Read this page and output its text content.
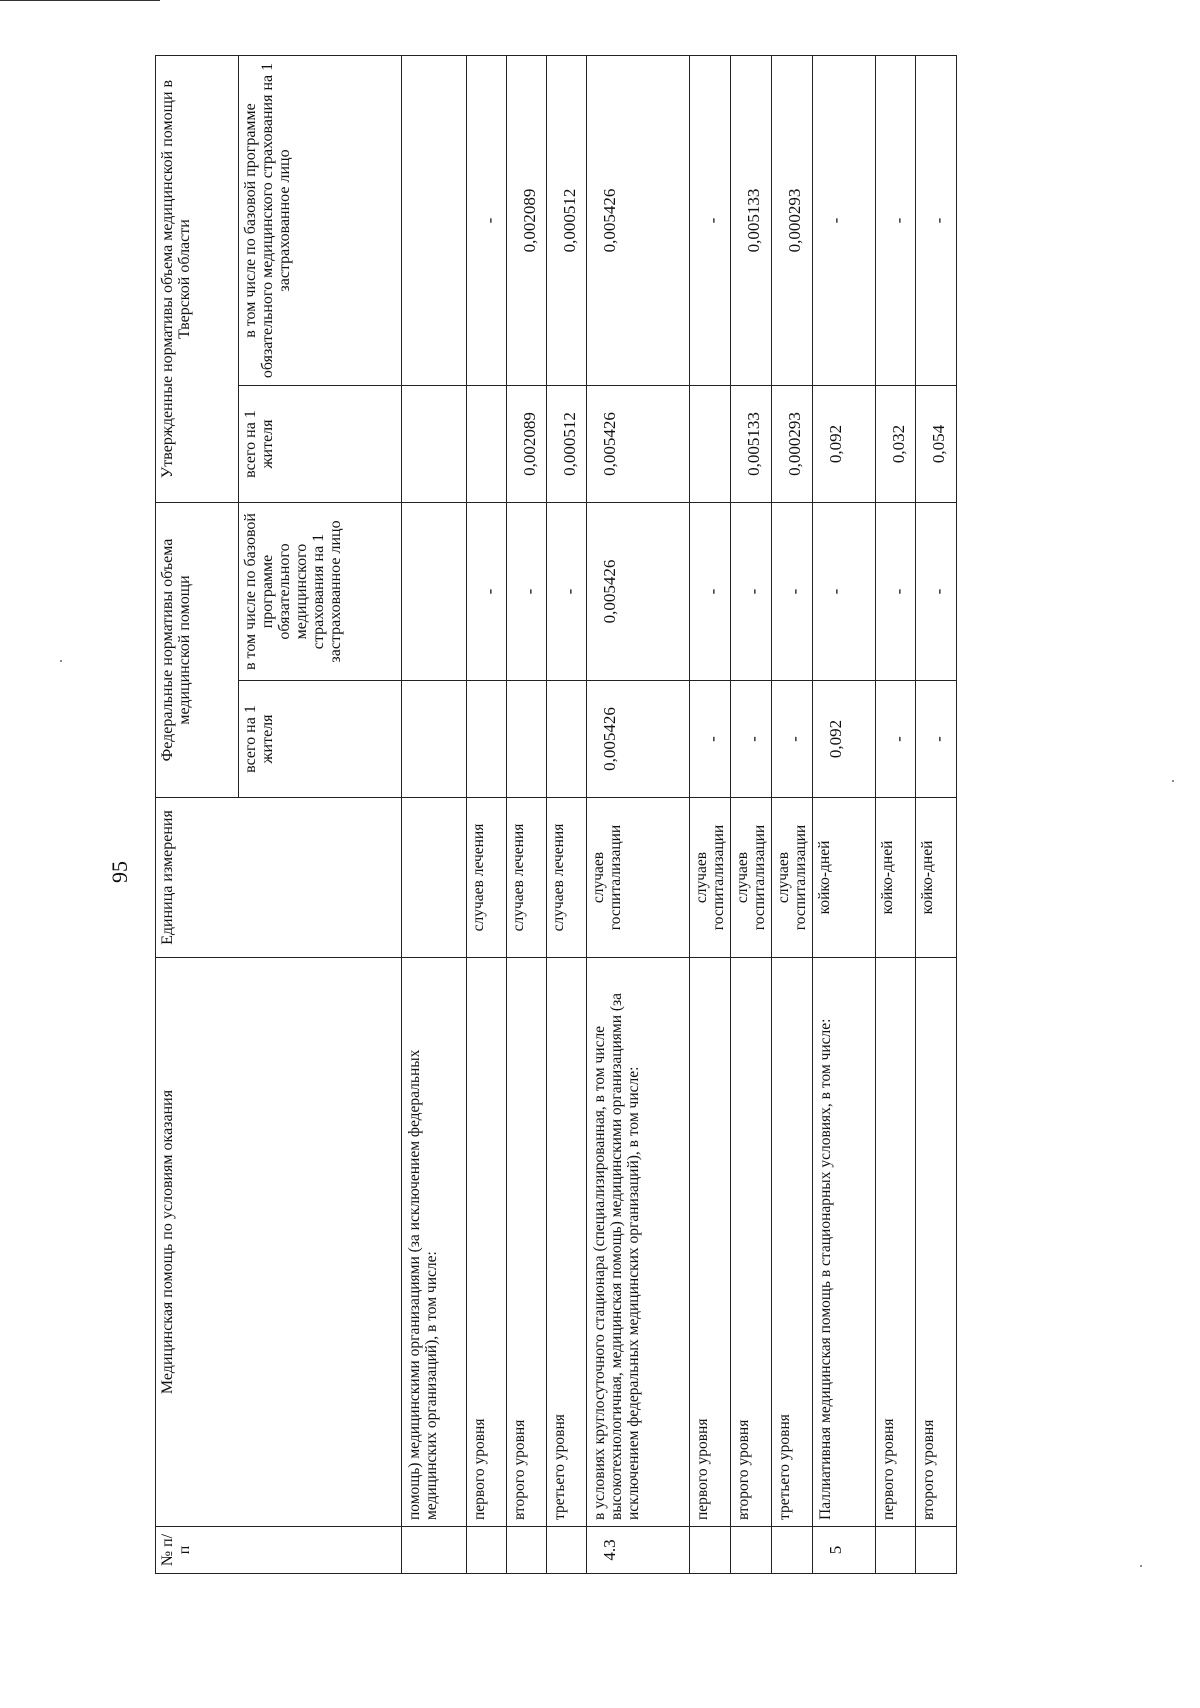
95
№ п/п	Медицинская помощь по условиям оказания	Единица измерения	Федеральные нормативы объема медицинской помощи		Утвержденные нормативы объема медицинской помощи в Тверской области	
			всего на 1 жителя	в том числе по базовой программе обязательного медицинского страхования на 1 застрахованное лицо	всего на 1 жителя	в том числе по базовой программе обязательного медицинского страхования на 1 застрахованное лицо
	помощь) медицинскими организациями (за исключением федеральных медицинских организаций), в том числе:					
	первого уровня	случаев лечения		-		-
	второго уровня	случаев лечения		-	0,002089	0,002089
	третьего уровня	случаев лечения		-	0,000512	0,000512
4.3	в условиях круглосуточного стационара (специализированная, в том числе высокотехнологичная, медицинская помощь) медицинскими организациями (за исключением федеральных медицинских организаций), в том числе:	случаев госпитализации	0,005426	0,005426	0,005426	0,005426
	первого уровня	случаев госпитализации	-	-		-
	второго уровня	случаев госпитализации	-	-	0,005133	0,005133
	третьего уровня	случаев госпитализации	-	-	0,000293	0,000293
5	Паллиативная медицинская помощь в стационарных условиях, в том числе:	койко-дней	0,092	-	0,092	-
	первого уровня	койко-дней	-	-	0,032	-
	второго уровня	койко-дней	-	-	0,054	-
